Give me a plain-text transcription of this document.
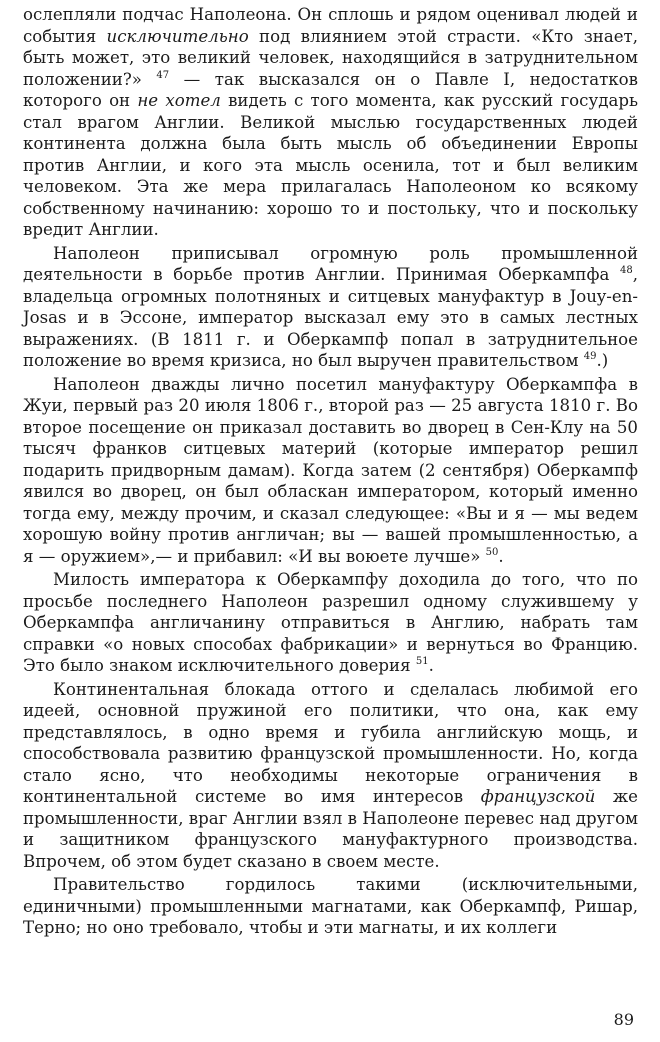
ослепляли подчас Наполеона. Он сплошь и рядом оценивал людей и события исключительно под влиянием этой страсти. «Кто знает, быть может, это великий человек, находящийся в затруднительном положении?» $^{47}$ — так высказался он о Павле I, недостатков которого он не хотел видеть с того момента, как русский государь стал врагом Англии. Великой мыслью государственных людей континента должна была быть мысль об объединении Европы против Англии, и кого эта мысль осенила, тот и был великим человеком. Эта же мера прилагалась Наполеоном ко всякому собственному начинанию: хорошо то и постольку, что и поскольку вредит Англии.

Наполеон приписывал огромную роль промышленной деятельности в борьбе против Англии. Принимая Оберкампфа $^{48}$, владельца огромных полотняных и ситцевых мануфактур в Jouy-en-Josas и в Эссоне, император высказал ему это в самых лестных выражениях. (В 1811 г. и Оберкампф попал в затруднительное положение во время кризиса, но был выручен правительством $^{49}$.)

Наполеон дважды лично посетил мануфактуру Оберкампфа в Жуи, первый раз 20 июля 1806 г., второй раз — 25 августа 1810 г. Во второе посещение он приказал доставить во дворец в Сен-Клу на 50 тысяч франков ситцевых материй (которые император решил подарить придворным дамам). Когда затем (2 сентября) Оберкампф явился во дворец, он был обласкан императором, который именно тогда ему, между прочим, и сказал следующее: «Вы и я — мы ведем хорошую войну против англичан; вы — вашей промышленностью, а я — оружием»,— и прибавил: «И вы воюете лучше» $^{50}$.

Милость императора к Оберкампфу доходила до того, что по просьбе последнего Наполеон разрешил одному служившему у Оберкампфа англичанину отправиться в Англию, набрать там справки «о новых способах фабрикации» и вернуться во Францию. Это было знаком исключительного доверия $^{51}$.

Континентальная блокада оттого и сделалась любимой его идеей, основной пружиной его политики, что она, как ему представлялось, в одно время и губила английскую мощь, и способствовала развитию французской промышленности. Но, когда стало ясно, что необходимы некоторые ограничения в континентальной системе во имя интересов французской же промышленности, враг Англии взял в Наполеоне перевес над другом и защитником французского мануфактурного производства. Впрочем, об этом будет сказано в своем месте.

Правительство гордилось такими (исключительными, единичными) промышленными магнатами, как Оберкампф, Ришар, Терно; но оно требовало, чтобы и эти магнаты, и их коллеги

89
